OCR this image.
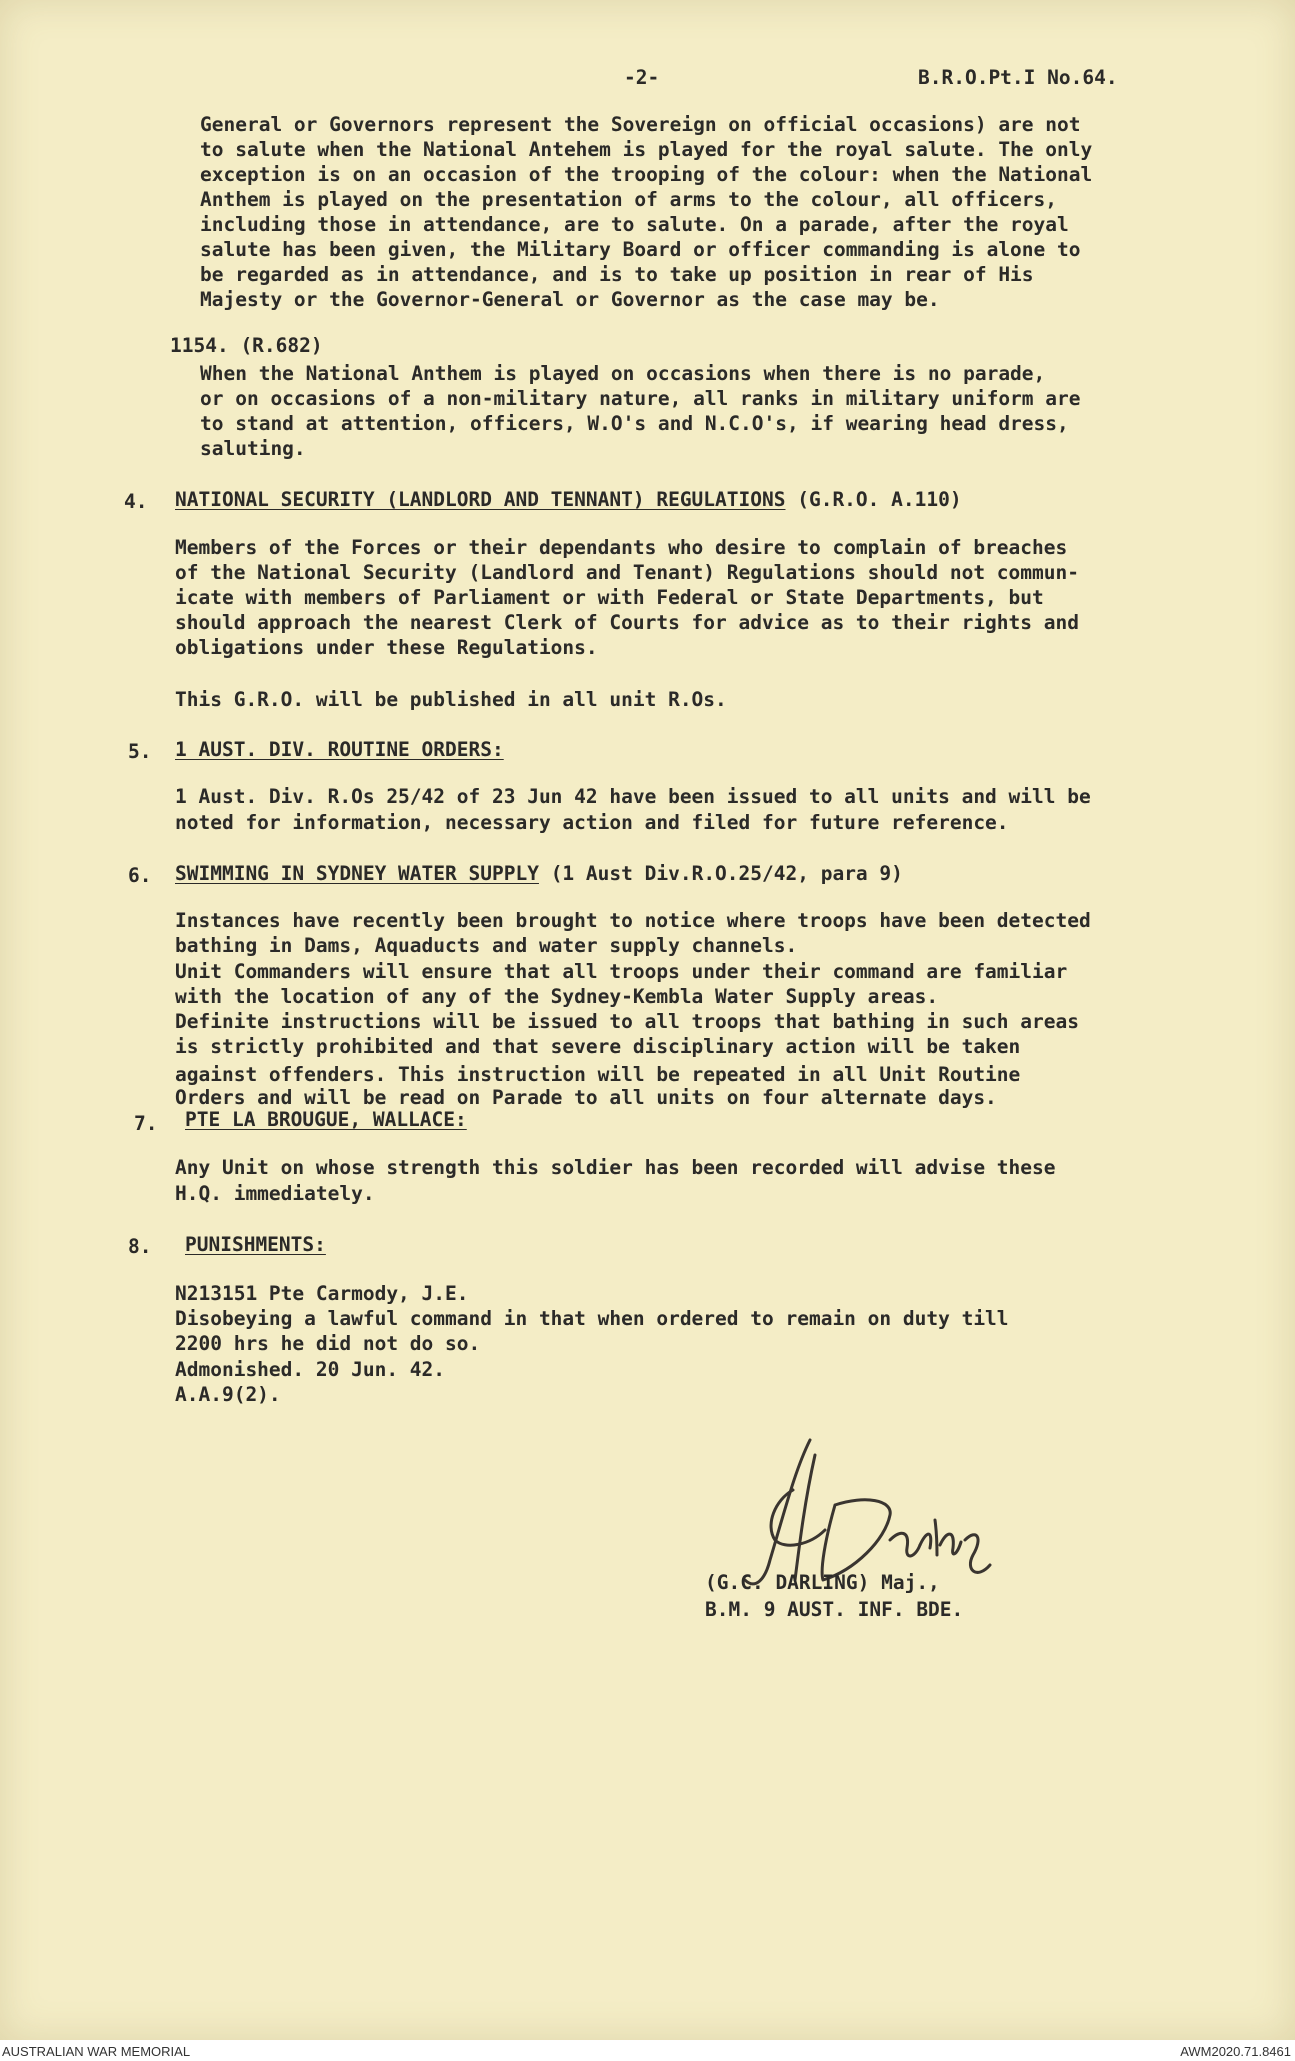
-2-	B.R.O.Pt.I No.64.

General or Governors represent the Sovereign on official occasions) are not

to salute when the National Antehem is played for the royal salute. The only

exception is on an occasion of the trooping of the colour: when the National

Anthem is played on the presentation of arms to the colour, all officers,

including those in attendance, are to salute. On a parade, after the royal

salute has been given, the Military Board or officer commanding is alone to

be regarded as in attendance, and is to take up position in rear of His

Majesty or the Governor-General or Governor as the case may be.

1154. (R.682)

When the National Anthem is played on occasions when there is no parade,

or on occasions of a non-military nature, all ranks in military uniform are

to stand at attention, officers, W.O's and N.C.O's, if wearing head dress,

saluting.

4. NATIONAL SECURITY (LANDLORD AND TENNANT) REGULATIONS (G.R.O. A.110)

Members of the Forces or their dependants who desire to complain of breaches

of the National Security (Landlord and Tenant) Regulations should not commun-

icate with members of Parliament or with Federal or State Departments, but

should approach the nearest Clerk of Courts for advice as to their rights and

obligations under these Regulations.

This G.R.O. will be published in all unit R.Os.

5. 1 AUST. DIV. ROUTINE ORDERS:

1 Aust. Div. R.Os 25/42 of 23 Jun 42 have been issued to all units and will be

noted for information, necessary action and filed for future reference.

6. SWIMMING IN SYDNEY WATER SUPPLY (1 Aust Div.R.O.25/42, para 9)

Instances have recently been brought to notice where troops have been detected

bathing in Dams, Aquaducts and water supply channels.

Unit Commanders will ensure that all troops under their command are familiar

with the location of any of the Sydney-Kembla Water Supply areas.

Definite instructions will be issued to all troops that bathing in such areas

is strictly prohibited and that severe disciplinary action will be taken

against offenders. This instruction will be repeated in all Unit Routine

Orders and will be read on Parade to all units on four alternate days.

7. PTE LA BROUGUE, WALLACE:

Any Unit on whose strength this soldier has been recorded will advise these

H.Q. immediately.

8. PUNISHMENTS:

N213151 Pte Carmody, J.E.

Disobeying a lawful command in that when ordered to remain on duty till

2200 hrs he did not do so.

Admonished. 20 Jun. 42.

A.A.9(2).

(G.C. DARLING) Maj.,

B.M. 9 AUST. INF. BDE.

AUSTRALIAN WAR MEMORIAL	AWM2020.71.8461
